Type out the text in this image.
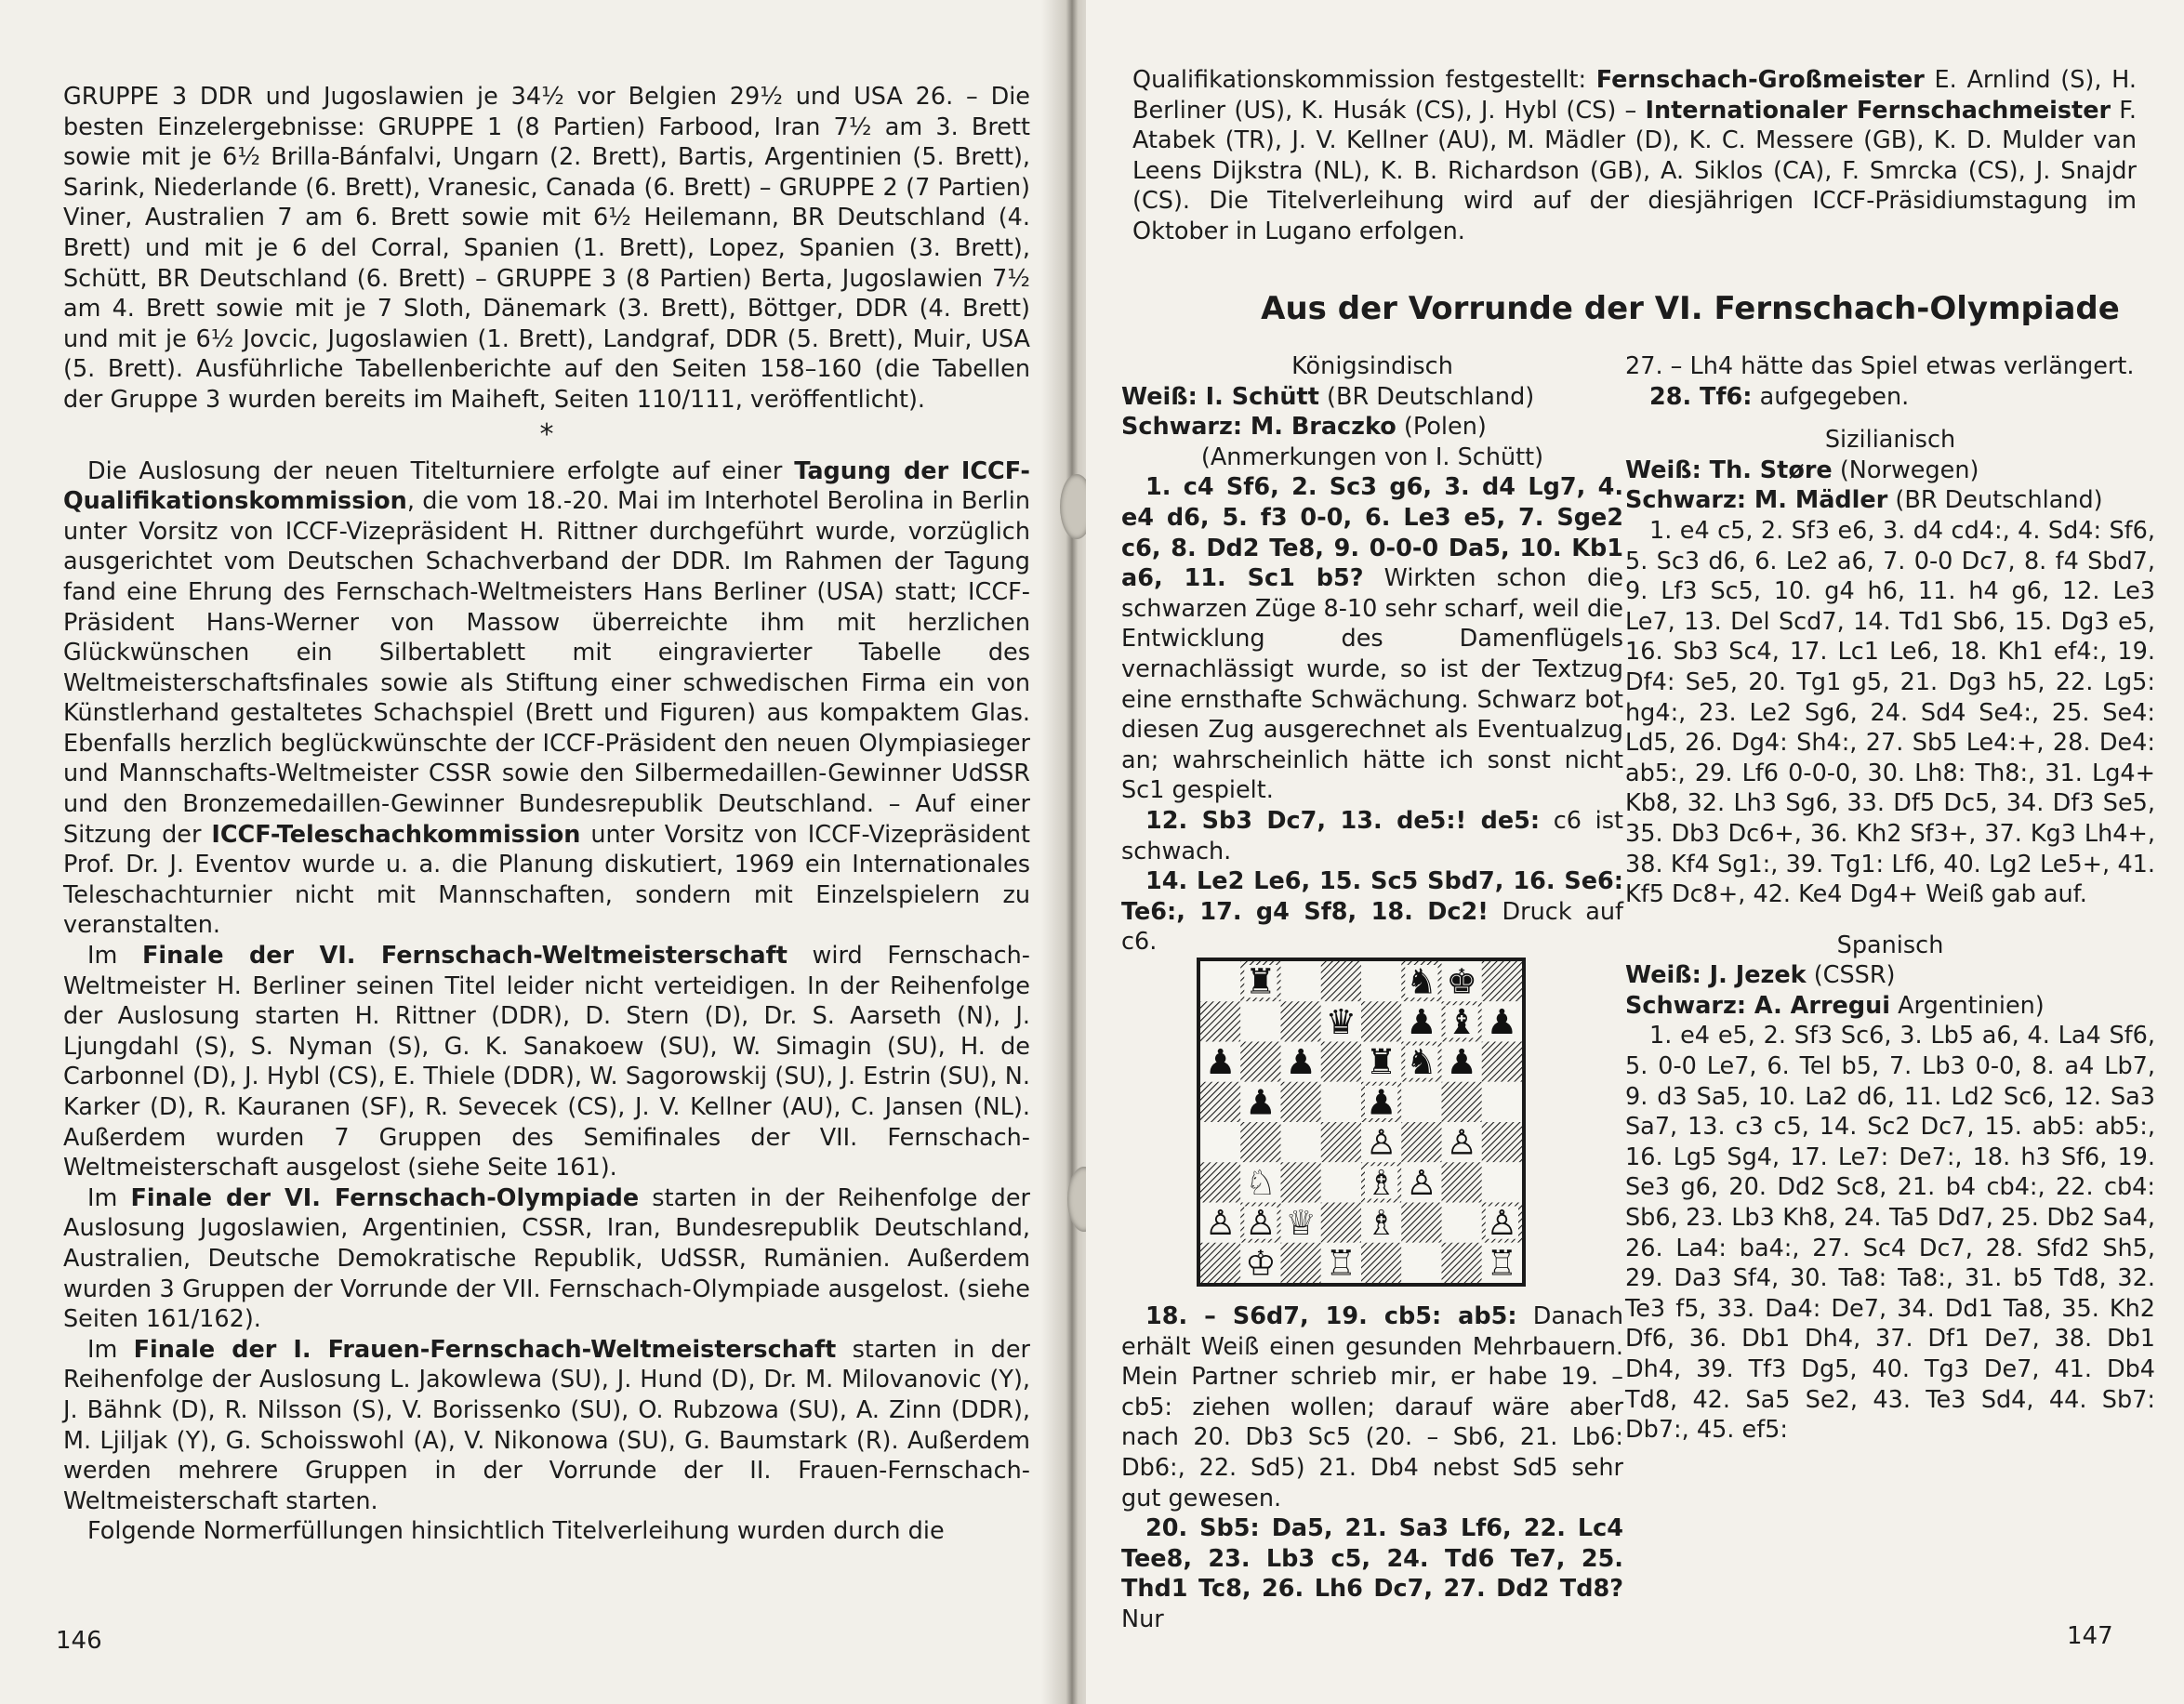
GRUPPE 3 DDR und Jugoslawien je 34½ vor Belgien 29½ und USA 26. – Die besten Einzelergebnisse: GRUPPE 1 (8 Partien) Farbood, Iran 7½ am 3. Brett sowie mit je 6½ Brilla-Bánfalvi, Ungarn (2. Brett), Bartis, Argentinien (5. Brett), Sarink, Niederlande (6. Brett), Vranesic, Canada (6. Brett) – GRUPPE 2 (7 Partien) Viner, Australien 7 am 6. Brett sowie mit 6½ Heilemann, BR Deutschland (4. Brett) und mit je 6 del Corral, Spanien (1. Brett), Lopez, Spanien (3. Brett), Schütt, BR Deutschland (6. Brett) – GRUPPE 3 (8 Partien) Berta, Jugoslawien 7½ am 4. Brett sowie mit je 7 Sloth, Dänemark (3. Brett), Böttger, DDR (4. Brett) und mit je 6½ Jovcic, Jugoslawien (1. Brett), Landgraf, DDR (5. Brett), Muir, USA (5. Brett). Ausführliche Tabellenberichte auf den Seiten 158–160 (die Tabellen der Gruppe 3 wurden bereits im Maiheft, Seiten 110/111, veröffentlicht).

*

Die Auslosung der neuen Titelturniere erfolgte auf einer Tagung der ICCF-Qualifikationskommission, die vom 18.-20. Mai im Interhotel Berolina in Berlin unter Vorsitz von ICCF-Vizepräsident H. Rittner durchgeführt wurde, vorzüglich ausgerichtet vom Deutschen Schachverband der DDR. Im Rahmen der Tagung fand eine Ehrung des Fernschach-Weltmeisters Hans Berliner (USA) statt; ICCF-Präsident Hans-Werner von Massow überreichte ihm mit herzlichen Glückwünschen ein Silbertablett mit eingravierter Tabelle des Weltmeisterschaftsfinales sowie als Stiftung einer schwedischen Firma ein von Künstlerhand gestaltetes Schachspiel (Brett und Figuren) aus kompaktem Glas. Ebenfalls herzlich beglückwünschte der ICCF-Präsident den neuen Olympiasieger und Mannschafts-Weltmeister CSSR sowie den Silbermedaillen-Gewinner UdSSR und den Bronzemedaillen-Gewinner Bundesrepublik Deutschland. – Auf einer Sitzung der ICCF-Teleschachkommission unter Vorsitz von ICCF-Vizepräsident Prof. Dr. J. Eventov wurde u. a. die Planung diskutiert, 1969 ein Internationales Teleschachturnier nicht mit Mannschaften, sondern mit Einzelspielern zu veranstalten.

Im Finale der VI. Fernschach-Weltmeisterschaft wird Fernschach-Weltmeister H. Berliner seinen Titel leider nicht verteidigen. In der Reihenfolge der Auslosung starten H. Rittner (DDR), D. Stern (D), Dr. S. Aarseth (N), J. Ljungdahl (S), S. Nyman (S), G. K. Sanakoew (SU), W. Simagin (SU), H. de Carbonnel (D), J. Hybl (CS), E. Thiele (DDR), W. Sagorowskij (SU), J. Estrin (SU), N. Karker (D), R. Kauranen (SF), R. Sevecek (CS), J. V. Kellner (AU), C. Jansen (NL). Außerdem wurden 7 Gruppen des Semifinales der VII. Fernschach-Weltmeisterschaft ausgelost (siehe Seite 161).

Im Finale der VI. Fernschach-Olympiade starten in der Reihenfolge der Auslosung Jugoslawien, Argentinien, CSSR, Iran, Bundesrepublik Deutschland, Australien, Deutsche Demokratische Republik, UdSSR, Rumänien. Außerdem wurden 3 Gruppen der Vorrunde der VII. Fernschach-Olympiade ausgelost. (siehe Seiten 161/162).

Im Finale der I. Frauen-Fernschach-Weltmeisterschaft starten in der Reihenfolge der Auslosung L. Jakowlewa (SU), J. Hund (D), Dr. M. Milovanovic (Y), J. Bähnk (D), R. Nilsson (S), V. Borissenko (SU), O. Rubzowa (SU), A. Zinn (DDR), M. Ljiljak (Y), G. Schoisswohl (A), V. Nikonowa (SU), G. Baumstark (R). Außerdem werden mehrere Gruppen in der Vorrunde der II. Frauen-Fernschach-Weltmeisterschaft starten.

Folgende Normerfüllungen hinsichtlich Titelverleihung wurden durch die

146

Qualifikationskommission festgestellt: Fernschach-Großmeister E. Arnlind (S), H. Berliner (US), K. Husák (CS), J. Hybl (CS) – Internationaler Fernschachmeister F. Atabek (TR), J. V. Kellner (AU), M. Mädler (D), K. C. Messere (GB), K. D. Mulder van Leens Dijkstra (NL), K. B. Richardson (GB), A. Siklos (CA), F. Smrcka (CS), J. Snajdr (CS). Die Titelverleihung wird auf der diesjährigen ICCF-Präsidiumstagung im Oktober in Lugano erfolgen.

Aus der Vorrunde der VI. Fernschach-Olympiade
Königsindisch
Weiß: I. Schütt (BR Deutschland)
Schwarz: M. Braczko (Polen)
(Anmerkungen von I. Schütt)

1. c4 Sf6, 2. Sc3 g6, 3. d4 Lg7, 4. e4 d6, 5. f3 0-0, 6. Le3 e5, 7. Sge2 c6, 8. Dd2 Te8, 9. 0-0-0 Da5, 10. Kb1 a6, 11. Sc1 b5? Wirkten schon die schwarzen Züge 8-10 sehr scharf, weil die Entwicklung des Damenflügels vernachlässigt wurde, so ist der Textzug eine ernsthafte Schwächung. Schwarz bot diesen Zug ausgerechnet als Eventualzug an; wahrscheinlich hätte ich sonst nicht Sc1 gespielt.

12. Sb3 Dc7, 13. de5:! de5: c6 ist schwach.

14. Le2 Le6, 15. Sc5 Sbd7, 16. Se6: Te6:, 17. g4 Sf8, 18. Dc2! Druck auf c6.

18. – S6d7, 19. cb5: ab5: Danach erhält Weiß einen gesunden Mehrbauern. Mein Partner schrieb mir, er habe 19. – cb5: ziehen wollen; darauf wäre aber nach 20. Db3 Sc5 (20. – Sb6, 21. Lb6: Db6:, 22. Sd5) 21. Db4 nebst Sd5 sehr gut gewesen.

20. Sb5: Da5, 21. Sa3 Lf6, 22. Lc4 Tee8, 23. Lb3 c5, 24. Td6 Te7, 25. Thd1 Tc8, 26. Lh6 Dc7, 27. Dd2 Td8? Nur

27. – Lh4 hätte das Spiel etwas verlängert.

28. Tf6: aufgegeben.

Sizilianisch
Weiß: Th. Støre (Norwegen)
Schwarz: M. Mädler (BR Deutschland)

1. e4 c5, 2. Sf3 e6, 3. d4 cd4:, 4. Sd4: Sf6, 5. Sc3 d6, 6. Le2 a6, 7. 0-0 Dc7, 8. f4 Sbd7, 9. Lf3 Sc5, 10. g4 h6, 11. h4 g6, 12. Le3 Le7, 13. Del Scd7, 14. Td1 Sb6, 15. Dg3 e5, 16. Sb3 Sc4, 17. Lc1 Le6, 18. Kh1 ef4:, 19. Df4: Se5, 20. Tg1 g5, 21. Dg3 h5, 22. Lg5: hg4:, 23. Le2 Sg6, 24. Sd4 Se4:, 25. Se4: Ld5, 26. Dg4: Sh4:, 27. Sb5 Le4:+, 28. De4: ab5:, 29. Lf6 0-0-0, 30. Lh8: Th8:, 31. Lg4+ Kb8, 32. Lh3 Sg6, 33. Df5 Dc5, 34. Df3 Se5, 35. Db3 Dc6+, 36. Kh2 Sf3+, 37. Kg3 Lh4+, 38. Kf4 Sg1:, 39. Tg1: Lf6, 40. Lg2 Le5+, 41. Kf5 Dc8+, 42. Ke4 Dg4+ Weiß gab auf.

Spanisch
Weiß: J. Jezek (CSSR)
Schwarz: A. Arregui Argentinien)

1. e4 e5, 2. Sf3 Sc6, 3. Lb5 a6, 4. La4 Sf6, 5. 0-0 Le7, 6. Tel b5, 7. Lb3 0-0, 8. a4 Lb7, 9. d3 Sa5, 10. La2 d6, 11. Ld2 Sc6, 12. Sa3 Sa7, 13. c3 c5, 14. Sc2 Dc7, 15. ab5: ab5:, 16. Lg5 Sg4, 17. Le7: De7:, 18. h3 Sf6, 19. Se3 g6, 20. Dd2 Sc8, 21. b4 cb4:, 22. cb4: Sb6, 23. Lb3 Kh8, 24. Ta5 Dd7, 25. Db2 Sa4, 26. La4: ba4:, 27. Sc4 Dc7, 28. Sfd2 Sh5, 29. Da3 Sf4, 30. Ta8: Ta8:, 31. b5 Td8, 32. Te3 f5, 33. Da4: De7, 34. Dd1 Ta8, 35. Kh2 Df6, 36. Db1 Dh4, 37. Df1 De7, 38. Db1 Dh4, 39. Tf3 Dg5, 40. Tg3 De7, 41. Db4 Td8, 42. Sa5 Se2, 43. Te3 Sd4, 44. Sb7: Db7:, 45. ef5:

147
♜	♞ ♚
♛ ♟ ♝ ♟
♟ ♟ ♜ ♞ ♟
♟	♟
♙ ♙
♘	♗ ♙
♙ ♙ ♕ ♗	♙
♔ ♖	♖
